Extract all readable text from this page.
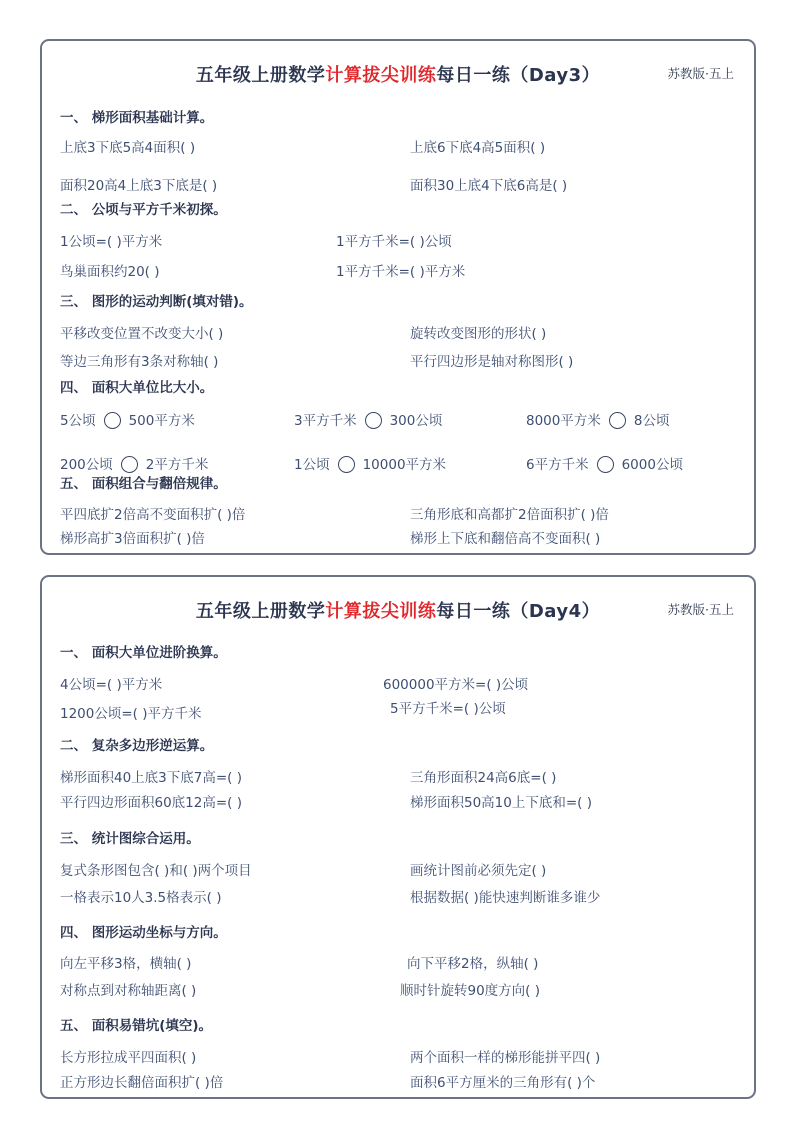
五年级上册数学计算拔尖训练每日一练（Day3）	苏教版·五上
一、 梯形面积基础计算。
上底3下底5高4面积( )	上底6下底4高5面积( )
面积20高4上底3下底是( )	面积30上底4下底6高是( )
二、 公顷与平方千米初探。
1公顷=( )平方米	1平方千米=( )公顷
鸟巢面积约20( )	1平方千米=( )平方米
三、 图形的运动判断(填对错)。
平移改变位置不改变大小( )	旋转改变图形的形状( )
等边三角形有3条对称轴( )	平行四边形是轴对称图形( )
四、 面积大单位比大小。
5公顷 500平方米	3平方千米 300公顷	8000平方米 8公顷
200公顷 2平方千米	1公顷 10000平方米	6平方千米 6000公顷
五、 面积组合与翻倍规律。
平四底扩2倍高不变面积扩( )倍	三角形底和高都扩2倍面积扩( )倍
梯形高扩3倍面积扩( )倍	梯形上下底和翻倍高不变面积( )
五年级上册数学计算拔尖训练每日一练（Day4）	苏教版·五上
一、 面积大单位进阶换算。
4公顷=( )平方米	600000平方米=( )公顷
1200公顷=( )平方千米	5平方千米=( )公顷
二、 复杂多边形逆运算。
梯形面积40上底3下底7高=( )	三角形面积24高6底=( )
平行四边形面积60底12高=( )	梯形面积50高10上下底和=( )
三、 统计图综合运用。
复式条形图包含( )和( )两个项目	画统计图前必须先定( )
一格表示10人3.5格表示( )	根据数据( )能快速判断谁多谁少
四、 图形运动坐标与方向。
向左平移3格，横轴( )	向下平移2格，纵轴( )
对称点到对称轴距离( )	顺时针旋转90度方向( )
五、 面积易错坑(填空)。
长方形拉成平四面积( )	两个面积一样的梯形能拼平四( )
正方形边长翻倍面积扩( )倍	面积6平方厘米的三角形有( )个
